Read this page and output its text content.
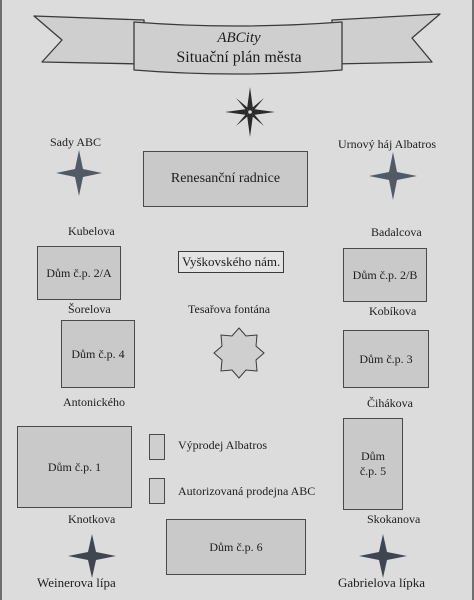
ABCity
Situační plán města
Sady ABC	Urnový háj Albatros
Renesanční radnice
Kubelova	Badalcova
Dům č.p. 2/A
Vyškovského nám.
Dům č.p. 2/B
Šorelova	Tesařova fontána	Kobíkova
Dům č.p. 4	Dům č.p. 3
Antonického	Čihákova
Dům č.p. 1
Výprodej Albatros
Autorizovaná prodejna ABC
Dům č.p. 5
Knotkova	Skokanova
Dům č.p. 6
Weinerova lípa	Gabrielova lípka
